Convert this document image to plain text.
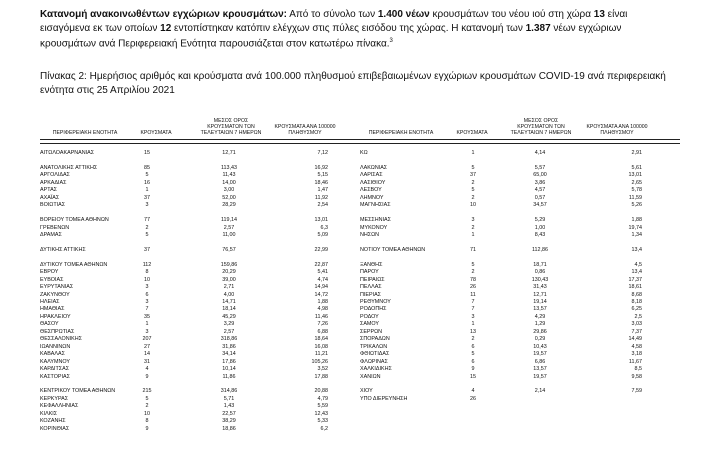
Κατανομή ανακοινωθέντων εγχώριων κρουσμάτων: Από το σύνολο των 1.400 νέων κρουσμάτων του νέου ιού στη χώρα 13 είναι εισαγόμενα εκ των οποίων 12 εντοπίστηκαν κατόπιν ελέγχων στις πύλες εισόδου της χώρας. Η κατανομή των 1.387 νέων εγχώριων κρουσμάτων ανά Περιφερειακή Ενότητα παρουσιάζεται στον κατωτέρω πίνακα.$^3$
Πίνακας 2: Ημερήσιος αριθμός και κρούσματα ανά 100.000 πληθυσμού επιβεβαιωμένων εγχώριων κρουσμάτων COVID-19 ανά περιφερειακή ενότητα στις 25 Απριλίου 2021
ΠΕΡΙΦΕΡΕΙΑΚΗ ΕΝΟΤΗΤΑ	ΚΡΟΥΣΜΑΤΑ
ΜΕΣΟΣ ΟΡΟΣ ΚΡΟΥΣΜΑΤΩΝ ΤΩΝ ΤΕΛΕΥΤΑΙΩΝ 7 ΗΜΕΡΩΝ
ΚΡΟΥΣΜΑΤΑ ΑΝΑ 100000 ΠΛΗΘΥΣΜΟΥ	ΠΕΡΙΦΕΡΕΙΑΚΗ ΕΝΟΤΗΤΑ	ΚΡΟΥΣΜΑΤΑ
ΜΕΣΟΣ ΟΡΟΣ ΚΡΟΥΣΜΑΤΩΝ ΤΩΝ ΤΕΛΕΥΤΑΙΩΝ 7 ΗΜΕΡΩΝ
ΚΡΟΥΣΜΑΤΑ ΑΝΑ 100000 ΠΛΗΘΥΣΜΟΥ
ΑΙΤΩΛΟΑΚΑΡΝΑΝΙΑΣ	15	12,71	7,12
ΑΝΑΤΟΛΙΚΗΣ ΑΤΤΙΚΗΣ	85	113,43	16,92
ΑΡΓΟΛΙΔΑΣ	5	11,43	5,15
ΑΡΚΑΔΙΑΣ	16	14,00	18,46
ΑΡΤΑΣ	1	3,00	1,47
ΑΧΑΪΑΣ	37	52,00	11,92
ΒΟΙΩΤΙΑΣ	3	28,29	2,54
ΒΟΡΕΙΟΥ ΤΟΜΕΑ ΑΘΗΝΩΝ	77	119,14	13,01
ΓΡΕΒΕΝΩΝ	2	2,57	6,3
ΔΡΑΜΑΣ	5	11,00	5,09
ΔΥΤΙΚΗΣ ΑΤΤΙΚΗΣ	37	76,57	22,99
ΔΥΤΙΚΟΥ ΤΟΜΕΑ ΑΘΗΝΩΝ	112	159,86	22,87
ΕΒΡΟΥ	8	20,29	5,41
ΕΥΒΟΙΑΣ	10	39,00	4,74
ΕΥΡΥΤΑΝΙΑΣ	3	2,71	14,94
ΖΑΚΥΝΘΟΥ	6	4,00	14,72
ΗΛΕΙΑΣ	3	14,71	1,88
ΗΜΑΘΙΑΣ	7	18,14	4,98
ΗΡΑΚΛΕΙΟΥ	35	45,29	11,46
ΘΑΣΟΥ	1	3,29	7,26
ΘΕΣΠΡΩΤΙΑΣ	3	2,57	6,88
ΘΕΣΣΑΛΟΝΙΚΗΣ	207	318,86	18,64
ΙΩΑΝΝΙΝΩΝ	27	31,86	16,08
ΚΑΒΑΛΑΣ	14	34,14	11,21
ΚΑΛΥΜΝΟΥ	31	17,86	105,26
ΚΑΡΔΙΤΣΑΣ	4	10,14	3,52
ΚΑΣΤΟΡΙΑΣ	9	11,86	17,88
ΚΕΝΤΡΙΚΟΥ ΤΟΜΕΑ ΑΘΗΝΩΝ	215	314,86	20,88
ΚΕΡΚΥΡΑΣ	5	5,71	4,79
ΚΕΦΑΛΛΗΝΙΑΣ	2	1,43	5,59
ΚΙΛΚΙΣ	10	22,57	12,43
ΚΟΖΑΝΗΣ	8	38,29	5,33
ΚΟΡΙΝΘΙΑΣ	9	18,86	6,2
ΚΩ	1	4,14	2,91
ΛΑΚΩΝΙΑΣ	5	5,57	5,61
ΛΑΡΙΣΑΣ	37	65,00	13,01
ΛΑΣΙΘΙΟΥ	2	3,86	2,65
ΛΕΣΒΟΥ	5	4,57	5,78
ΛΗΜΝΟΥ	2	0,57	11,59
ΜΑΓΝΗΣΙΑΣ	10	34,57	5,26
ΜΕΣΣΗΝΙΑΣ	3	5,29	1,88
ΜΥΚΟΝΟΥ	2	1,00	19,74
ΝΗΣΩΝ	1	8,43	1,34
ΝΟΤΙΟΥ ΤΟΜΕΑ ΑΘΗΝΩΝ	71	112,86	13,4
ΞΑΝΘΗΣ	5	18,71	4,5
ΠΑΡΟΥ	2	0,86	13,4
ΠΕΙΡΑΙΩΣ	78	130,43	17,37
ΠΕΛΛΑΣ	26	31,43	18,61
ΠΙΕΡΙΑΣ	11	12,71	8,68
ΡΕΘΥΜΝΟΥ	7	19,14	8,18
ΡΟΔΟΠΗΣ	7	13,57	6,25
ΡΟΔΟΥ	3	4,29	2,5
ΣΑΜΟΥ	1	1,29	3,03
ΣΕΡΡΩΝ	13	29,86	7,37
ΣΠΟΡΑΔΩΝ	2	0,29	14,49
ΤΡΙΚΑΛΩΝ	6	10,43	4,58
ΦΘΙΩΤΙΔΑΣ	5	19,57	3,18
ΦΛΩΡΙΝΑΣ	6	6,86	11,67
ΧΑΛΚΙΔΙΚΗΣ	9	13,57	8,5
ΧΑΝΙΩΝ	15	19,57	9,58
ΧΙΟΥ	4	2,14	7,59
ΥΠΟ ΔΙΕΡΕΥΝΗΣΗ	26
